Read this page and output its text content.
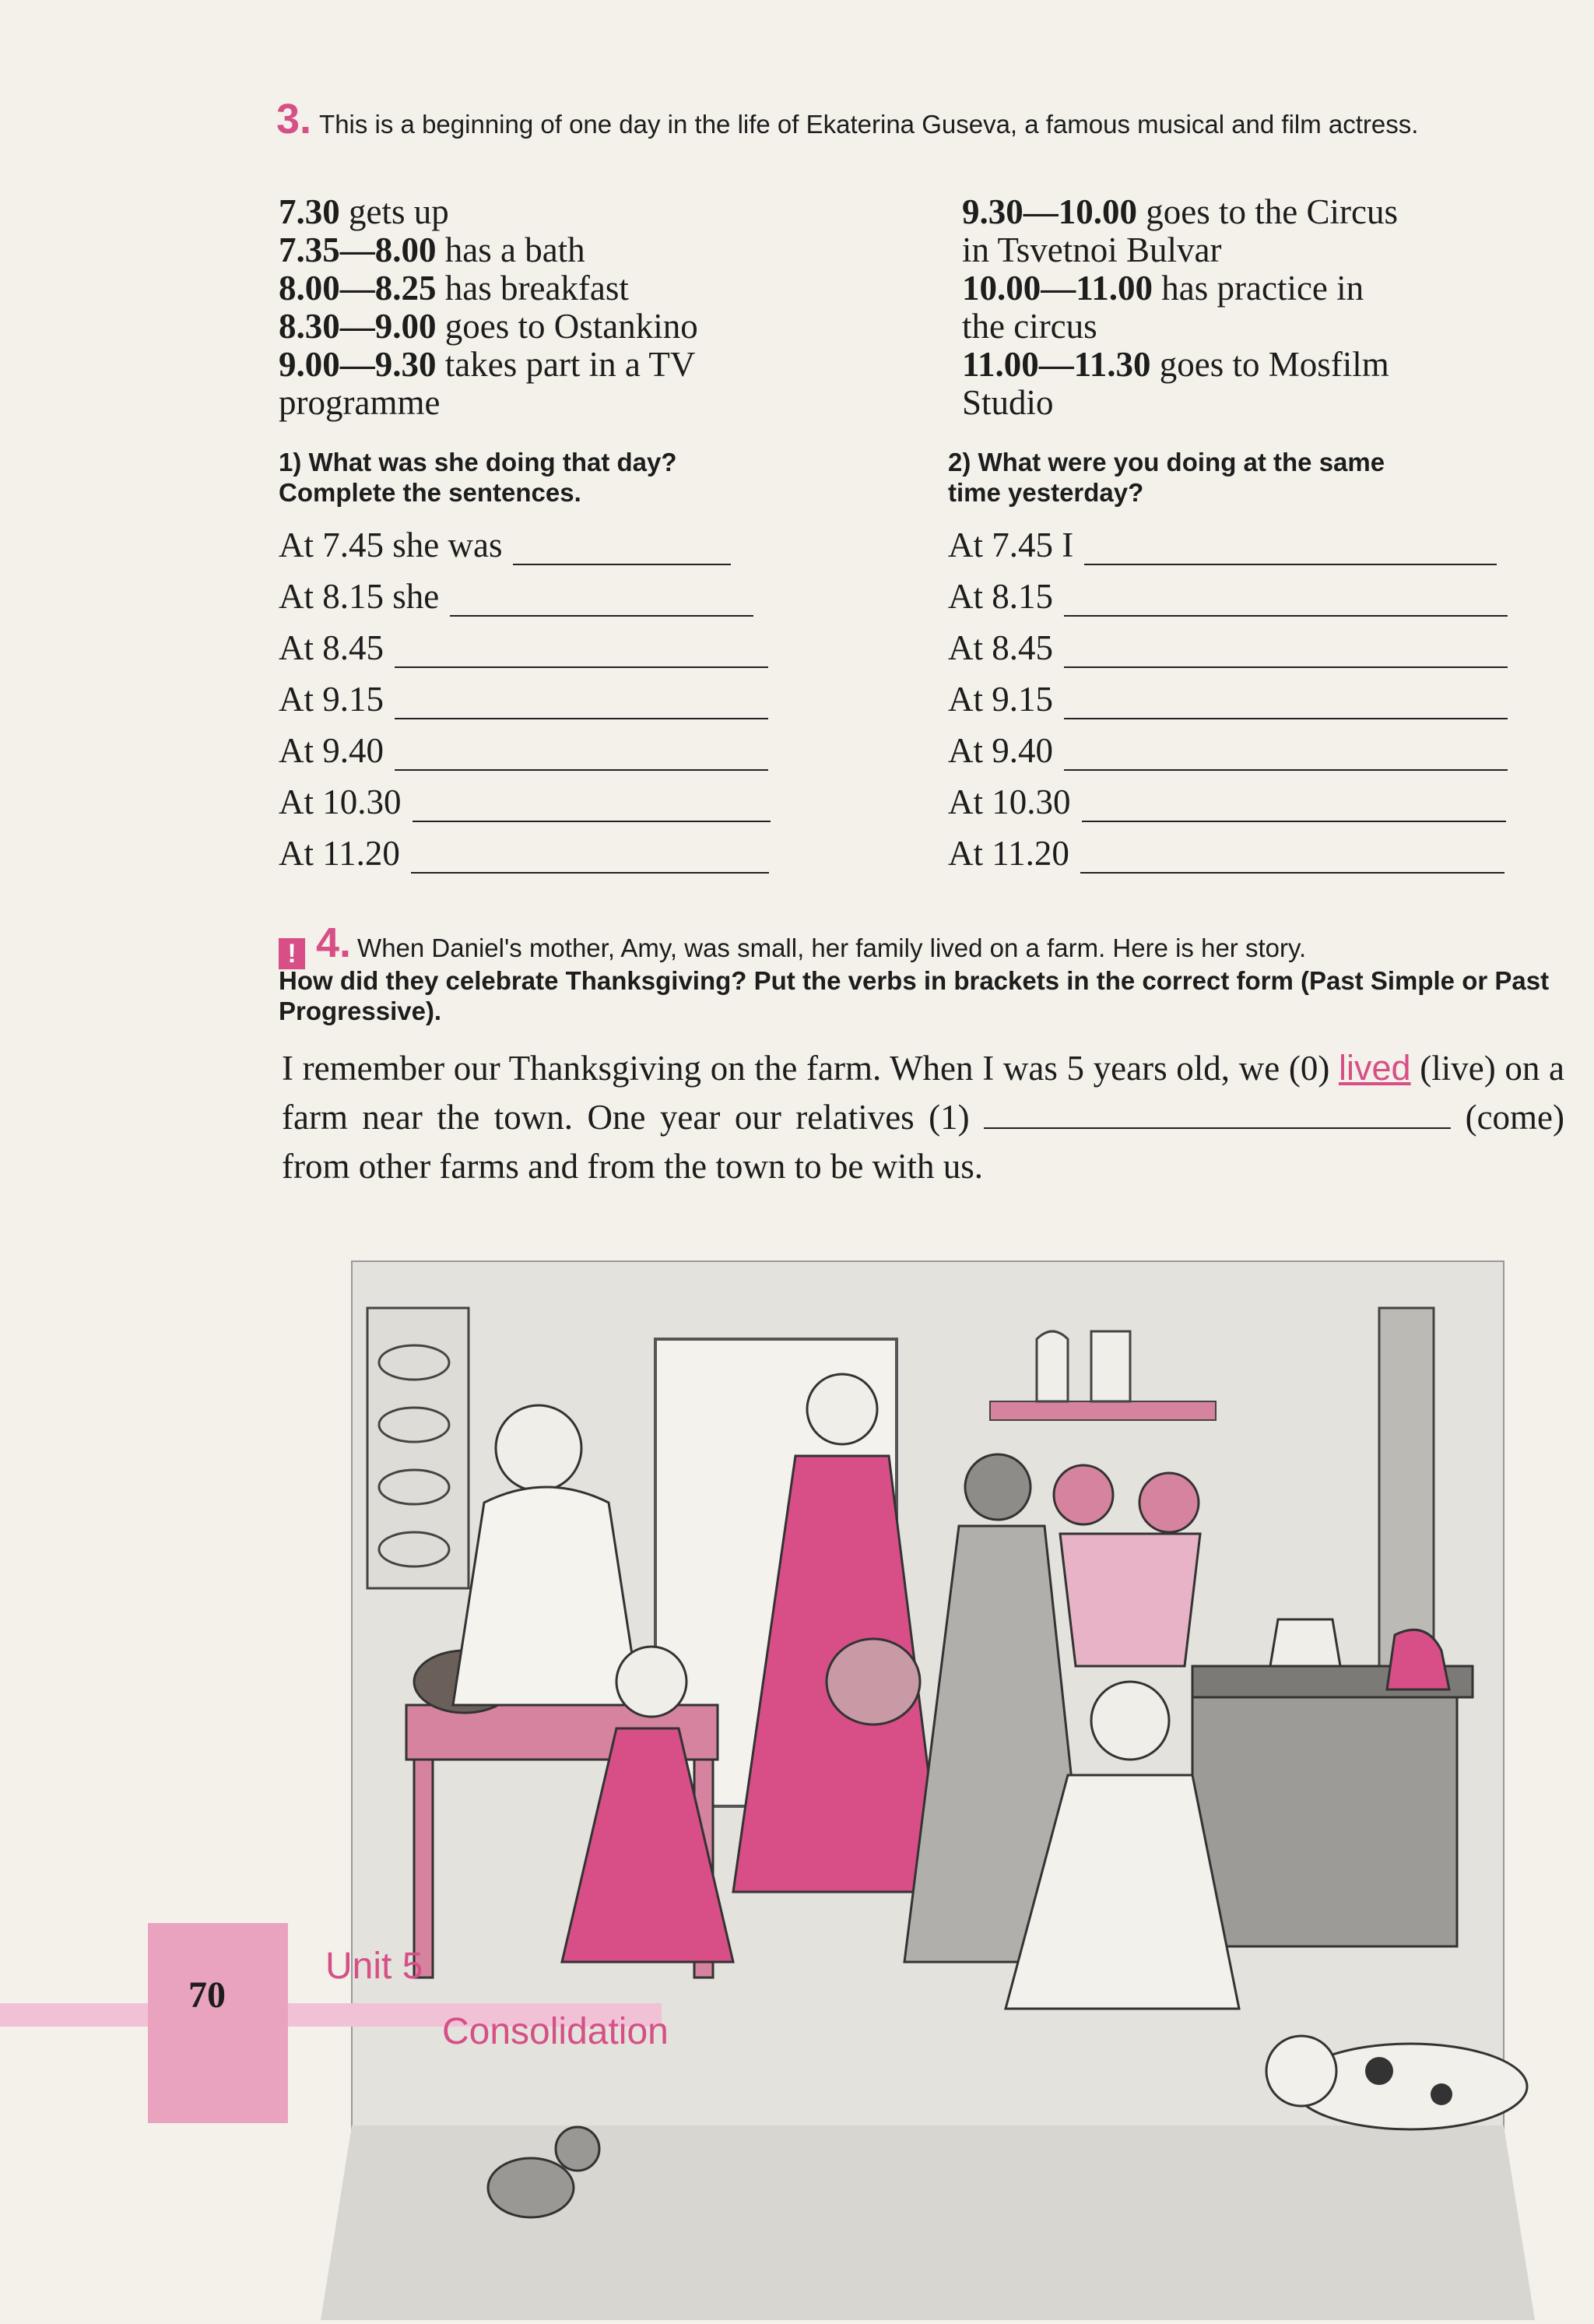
3. This is a beginning of one day in the life of Ekaterina Guseva, a famous musical and film actress.
7.30 gets up
7.35—8.00 has a bath
8.00—8.25 has breakfast
8.30—9.00 goes to Ostankino
9.00—9.30 takes part in a TV
programme
9.30—10.00 goes to the Circus
in Tsvetnoi Bulvar
10.00—11.00 has practice in
the circus
11.00—11.30 goes to Mosfilm
Studio
1) What was she doing that day?
Complete the sentences.
2) What were you doing at the same
time yesterday?
At 7.45 she was
At 8.15 she
At 8.45
At 9.15
At 9.40
At 10.30
At 11.20
At 7.45 I
At 8.15
At 8.45
At 9.15
At 9.40
At 10.30
At 11.20
! 4. When Daniel's mother, Amy, was small, her family lived on a farm. Here is her story.
How did they celebrate Thanksgiving? Put the verbs in brackets in the correct form (Past Simple or Past Progressive).
I remember our Thanksgiving on the farm. When I was 5 years old, we (0) lived (live) on a farm near the town. One year our relatives (1)	(come) from other farms and from the town to be with us.
70
Unit 5
Consolidation
